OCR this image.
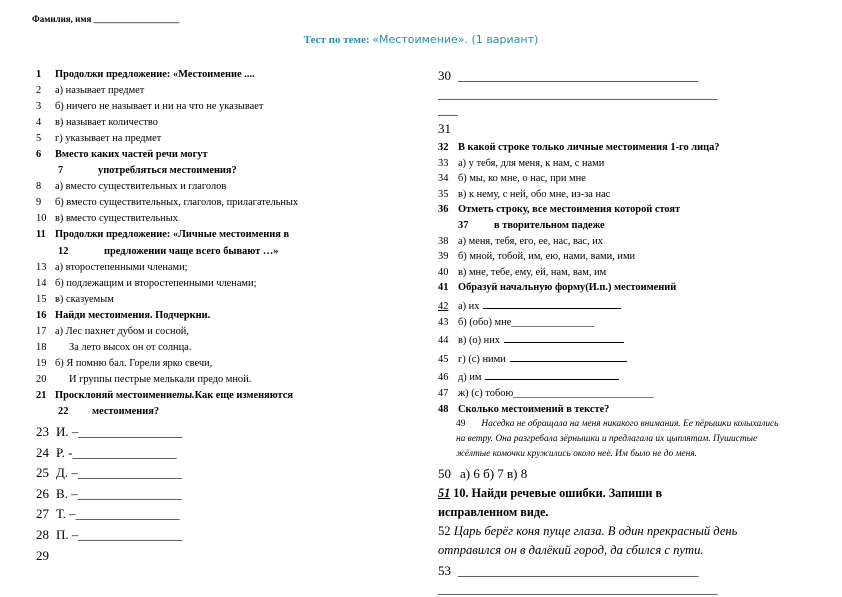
Фамилия, имя ___________________
Тест по теме: «Местоимение». (1 вариант)
1	Продолжи предложение: «Местоимение ....
2	а) называет предмет
3	б) ничего не называет и ни на что не указывает
4	в) называет количество
5	г) указывает на предмет
6	Вместо каких частей речи могут
7	употребляться местоимения?
8	а) вместо существительных и глаголов
9	б) вместо существительных, глаголов, прилагательных
10 в) вместо существительных
11 Продолжи предложение: «Личные местоимения в
12	предложении чаще всего бывают …»
13 а) второстепенными членами;
14 б) подлежащим и второстепенными членами;
15 в) сказуемым
16 Найди местоимения. Подчеркни.
17 а) Лес пахнет дубом и сосной,
18	За лето высох он от солнца.
19 б) Я помню бал. Горели ярко свечи,
20	И группы пестрые мелькали предо мной.
21 Просклоняй местоимение ты. Как еще изменяются
22	местоимения?
23 И. – ________________
24 Р. - ________________
25 Д. – ________________
26 В. – ________________
27 Т. – ________________
28 П. – ________________
29
30 _____________________________________
___________________________________________
___
31
32 В какой строке только личные местоимения 1-го лица?
33 а) у тебя, для меня, к нам, с нами
34 б) мы, ко мне, о нас, при мне
35 в) к нему, с ней, обо мне, из-за нас
36 Отметь строку, все местоимения которой стоят
37	в творительном падеже
38 а) меня, тебя, его, ее, нас, вас, их
39 б) мной, тобой, им, ею, нами, вами, ими
40 в) мне, тебе, ему, ей, нам, вам, им
41 Образуй начальную форму(И.п.) местоимений
42 а) их
43 б) (обо) мне ________________
44 в) (о) них
45 г) (с) ними
46 д) им
47 ж) (с) тобою ___________________________
48 Сколько местоимений в тексте?
49 Наседка не обращала на меня никакого внимания. Ее пёрышки колыхались на ветру. Она разгребала зёрнышки и предлагала их цыплятам. Пушистые жёлтые комочки кружились около неё. Им было не до меня.
50 а) 6 б) 7 в) 8
51 10. Найди речевые ошибки. Запиши в исправленном виде.
52 Царь берёг коня пуще глаза. В один прекрасный день отправился он в далёкий город, да сбился с пути.
53 _____________________________________
___________________________________________
